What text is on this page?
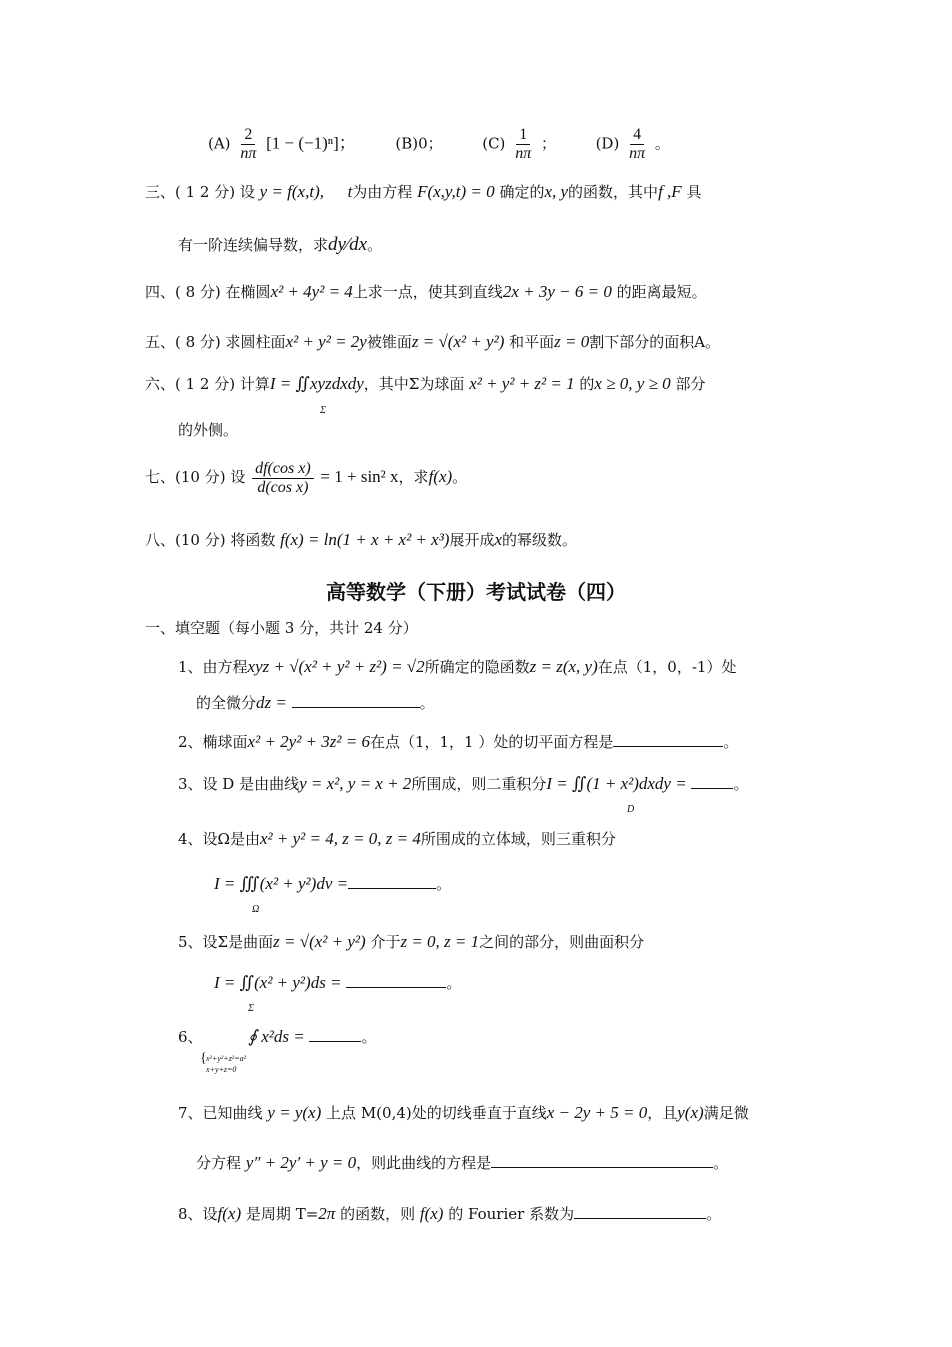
$(A) \frac{2}{n\pi} [1 - (-1)^n]$；	(B)0；	$(C) \frac{1}{n\pi}$ ；	$(D) \frac{4}{n\pi}$ 。
三、( 1 2 分) 设 y = f(x,t), t为由方程 F(x,y,t) = 0 确定的x, y的函数，其中f ,F 具
有一阶连续偏导数，求dy⁄dx。
四、( 8 分) 在椭圆x² + 4y² = 4上求一点，使其到直线2x + 3y − 6 = 0 的距离最短。
五、( 8 分) 求圆柱面x² + y² = 2y被锥面z = √(x² + y²) 和平面z = 0割下部分的面积A。
六、( 1 2 分) 计算I = ∬xyzdxdy，其中Σ为球面 x² + y² + z² = 1 的x ≥ 0, y ≥ 0 部分
Σ
的外侧。
七、(10 分) 设 $\frac{\text{df(cos x)}}{\text{d(cos x)}} = 1 + \sin^2$ x，求f(x)。
八、(10 分) 将函数 f(x) = ln(1 + x + x² + x³)展开成x的幂级数。
高等数学（下册）考试试卷（四）
一、填空题（每小题 3 分，共计 24 分）
1、由方程xyz + √(x² + y² + z²) = √2所确定的隐函数z = z(x, y)在点（1，0，-1）处
的全微分dz =	。
2、椭球面x² + 2y² + 3z² = 6在点（1，1，1 ）处的切平面方程是	。
3、设 D 是由曲线y = x², y = x + 2所围成，则二重积分I = ∬(1 + x²)dxdy =	。
D
4、设Ω是由x² + y² = 4, z = 0, z = 4所围成的立体域，则三重积分
I = ∭(x² + y²)dv =	。
Ω
5、设Σ是曲面z = √(x² + y²) 介于z = 0, z = 1之间的部分，则曲面积分
I = ∬(x² + y²)ds =	。
Σ
6、	∮ x²ds =	。
{ x²+y²+z²=a²
x+y+z=0
7、已知曲线 y = y(x) 上点 M(0,4)处的切线垂直于直线x − 2y + 5 = 0，且y(x)满足微
分方程 y″ + 2y′ + y = 0，则此曲线的方程是	。
8、设f(x) 是周期 T=2π 的函数，则 f(x) 的 Fourier 系数为	。
